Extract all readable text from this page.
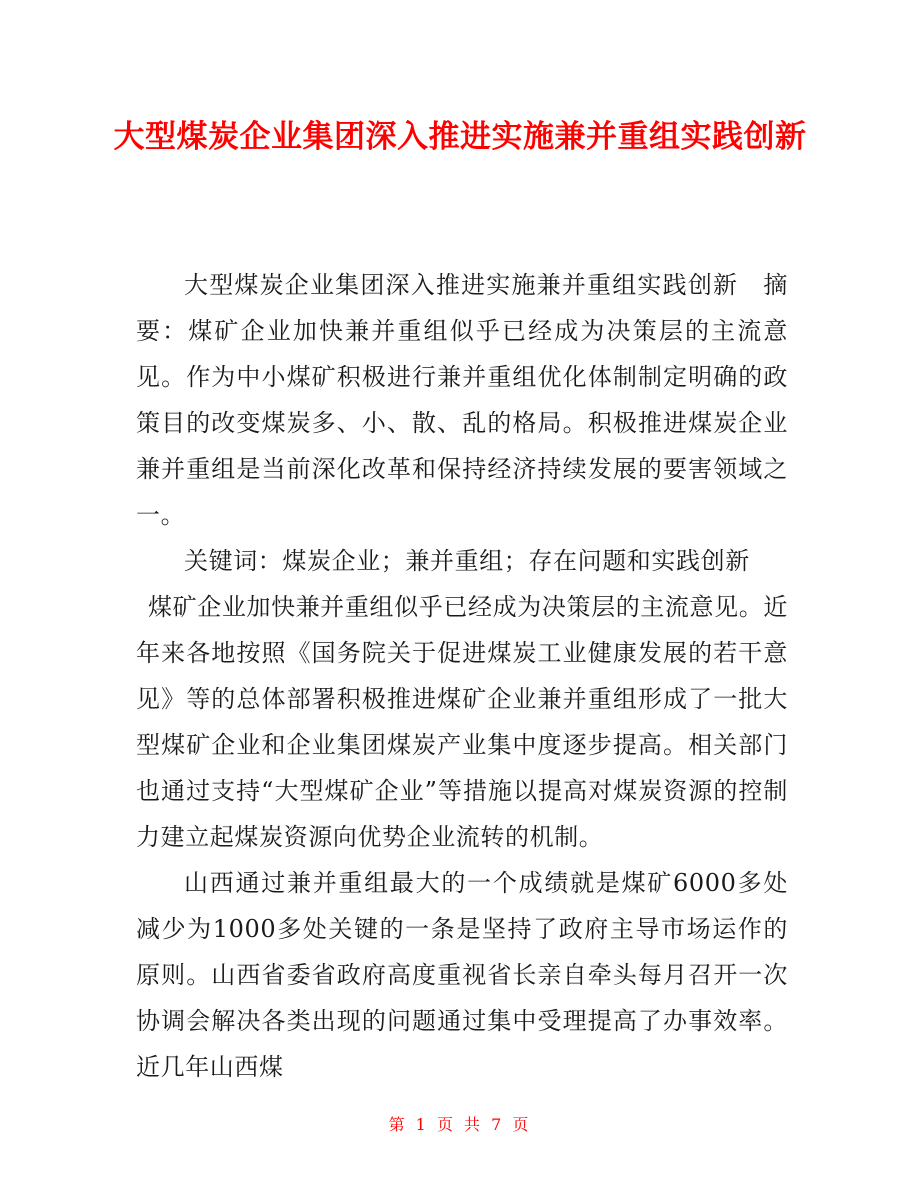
大型煤炭企业集团深入推进实施兼并重组实践创新

大型煤炭企业集团深入推进实施兼并重组实践创新　摘要：煤矿企业加快兼并重组似乎已经成为决策层的主流意见。作为中小煤矿积极进行兼并重组优化体制制定明确的政策目的改变煤炭多、小、散、乱的格局。积极推进煤炭企业兼并重组是当前深化改革和保持经济持续发展的要害领域之一。

关键词：煤炭企业；兼并重组；存在问题和实践创新

煤矿企业加快兼并重组似乎已经成为决策层的主流意见。近年来各地按照《国务院关于促进煤炭工业健康发展的若干意见》等的总体部署积极推进煤矿企业兼并重组形成了一批大型煤矿企业和企业集团煤炭产业集中度逐步提高。相关部门也通过支持“大型煤矿企业”等措施以提高对煤炭资源的控制力建立起煤炭资源向优势企业流转的机制。

山西通过兼并重组最大的一个成绩就是煤矿6000多处减少为1000多处关键的一条是坚持了政府主导市场运作的原则。山西省委省政府高度重视省长亲自牵头每月召开一次协调会解决各类出现的问题通过集中受理提高了办事效率。近几年山西煤

第 1 页 共 7 页
